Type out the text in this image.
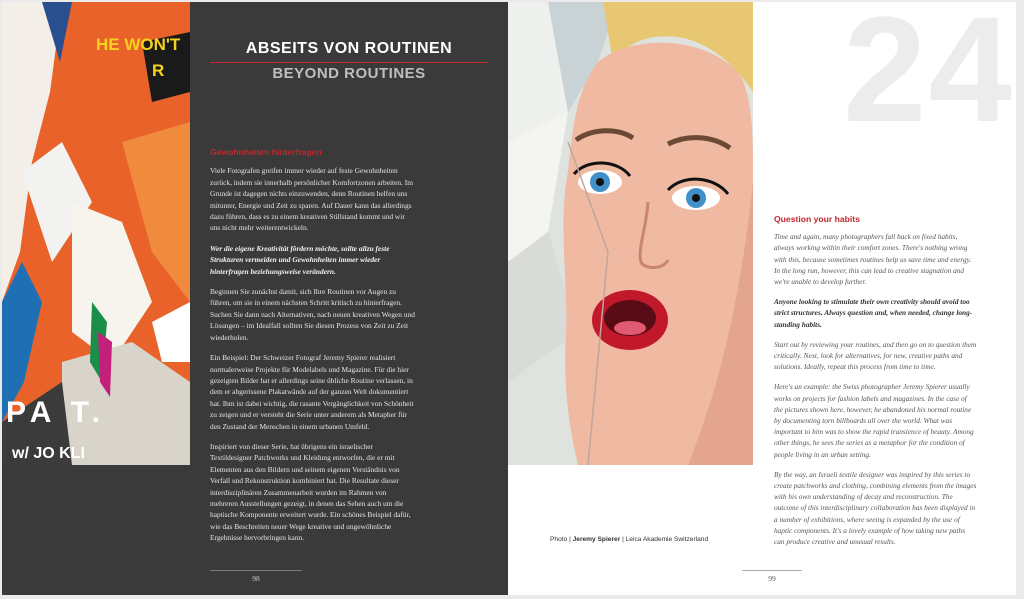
HE WON'T
R
PA T.
w/ JO KLI
ABSEITS VON ROUTINEN
BEYOND ROUTINES
Gewohnheiten hinterfragen

Viele Fotografen greifen immer wieder auf feste Gewohnheiten zurück, indem sie innerhalb persönlicher Komfortzonen arbeiten. Im Grunde ist dagegen nichts einzuwenden, denn Routinen helfen uns mitunter, Energie und Zeit zu sparen. Auf Dauer kann das allerdings dazu führen, dass es zu einem kreativen Stillstand kommt und wir uns nicht mehr weiterentwickeln.

Wer die eigene Kreativität fördern möchte, sollte allzu feste Strukturen vermeiden und Gewohnheiten immer wieder hinterfragen beziehungsweise verändern.

Beginnen Sie zunächst damit, sich Ihre Routinen vor Augen zu führen, um sie in einem nächsten Schritt kritisch zu hinterfragen. Suchen Sie dann nach Alternativen, nach neuen kreativen Wegen und Lösungen – im Idealfall sollten Sie diesen Prozess von Zeit zu Zeit wiederholen.

Ein Beispiel: Der Schweizer Fotograf Jeremy Spierer realisiert normalerweise Projekte für Modelabels und Magazine. Für die hier gezeigten Bilder hat er allerdings seine übliche Routine verlassen, in dem er abgerissene Plakatwände auf der ganzen Welt dokumentiert hat. Ihm ist dabei wichtig, die rasante Vergänglichkeit von Schönheit zu zeigen und er versteht die Serie unter anderem als Metapher für den Zustand der Menschen in einem urbanen Umfeld.

Inspiriert von dieser Serie, hat übrigens ein israelischer Textildesigner Patchworks und Kleidung entworfen, die er mit Elementen aus den Bildern und seinem eigenen Verständnis von Verfall und Rekonstruktion kombiniert hat. Die Resultate dieser interdisziplinären Zusammenarbeit wurden im Rahmen von mehreren Ausstellungen gezeigt, in denen das Sehen auch um die haptische Komponente erweitert wurde. Ein schönes Beispiel dafür, wie das Beschreiten neuer Wege kreative und ungewöhnliche Ergebnisse hervorbringen kann.

98
24
Question your habits

Time and again, many photographers fall back on fixed habits, always working within their comfort zones. There's nothing wrong with this, because sometimes routines help us save time and energy. In the long run, however, this can lead to creative stagnation and we're unable to develop further.

Anyone looking to stimulate their own creativity should avoid too strict structures. Always question and, when needed, change long-standing habits.

Start out by reviewing your routines, and then go on to question them critically. Next, look for alternatives, for new, creative paths and solutions. Ideally, repeat this process from time to time.

Here's an example: the Swiss photographer Jeremy Spierer usually works on projects for fashion labels and magazines. In the case of the pictures shown here, however, he abandoned his normal routine by documenting torn billboards all over the world. What was important to him was to show the rapid transience of beauty. Among other things, he sees the series as a metaphor for the condition of people living in an urban setting.

By the way, an Israeli textile designer was inspired by this series to create patchworks and clothing, combining elements from the images with his own understanding of decay and reconstruction. The outcome of this interdisciplinary collaboration has been displayed in a number of exhibitions, where seeing is expanded by the use of haptic components. It's a lovely example of how taking new paths can produce creative and unusual results.

Photo | Jeremy Spierer | Leica Akademie Switzerland
99
